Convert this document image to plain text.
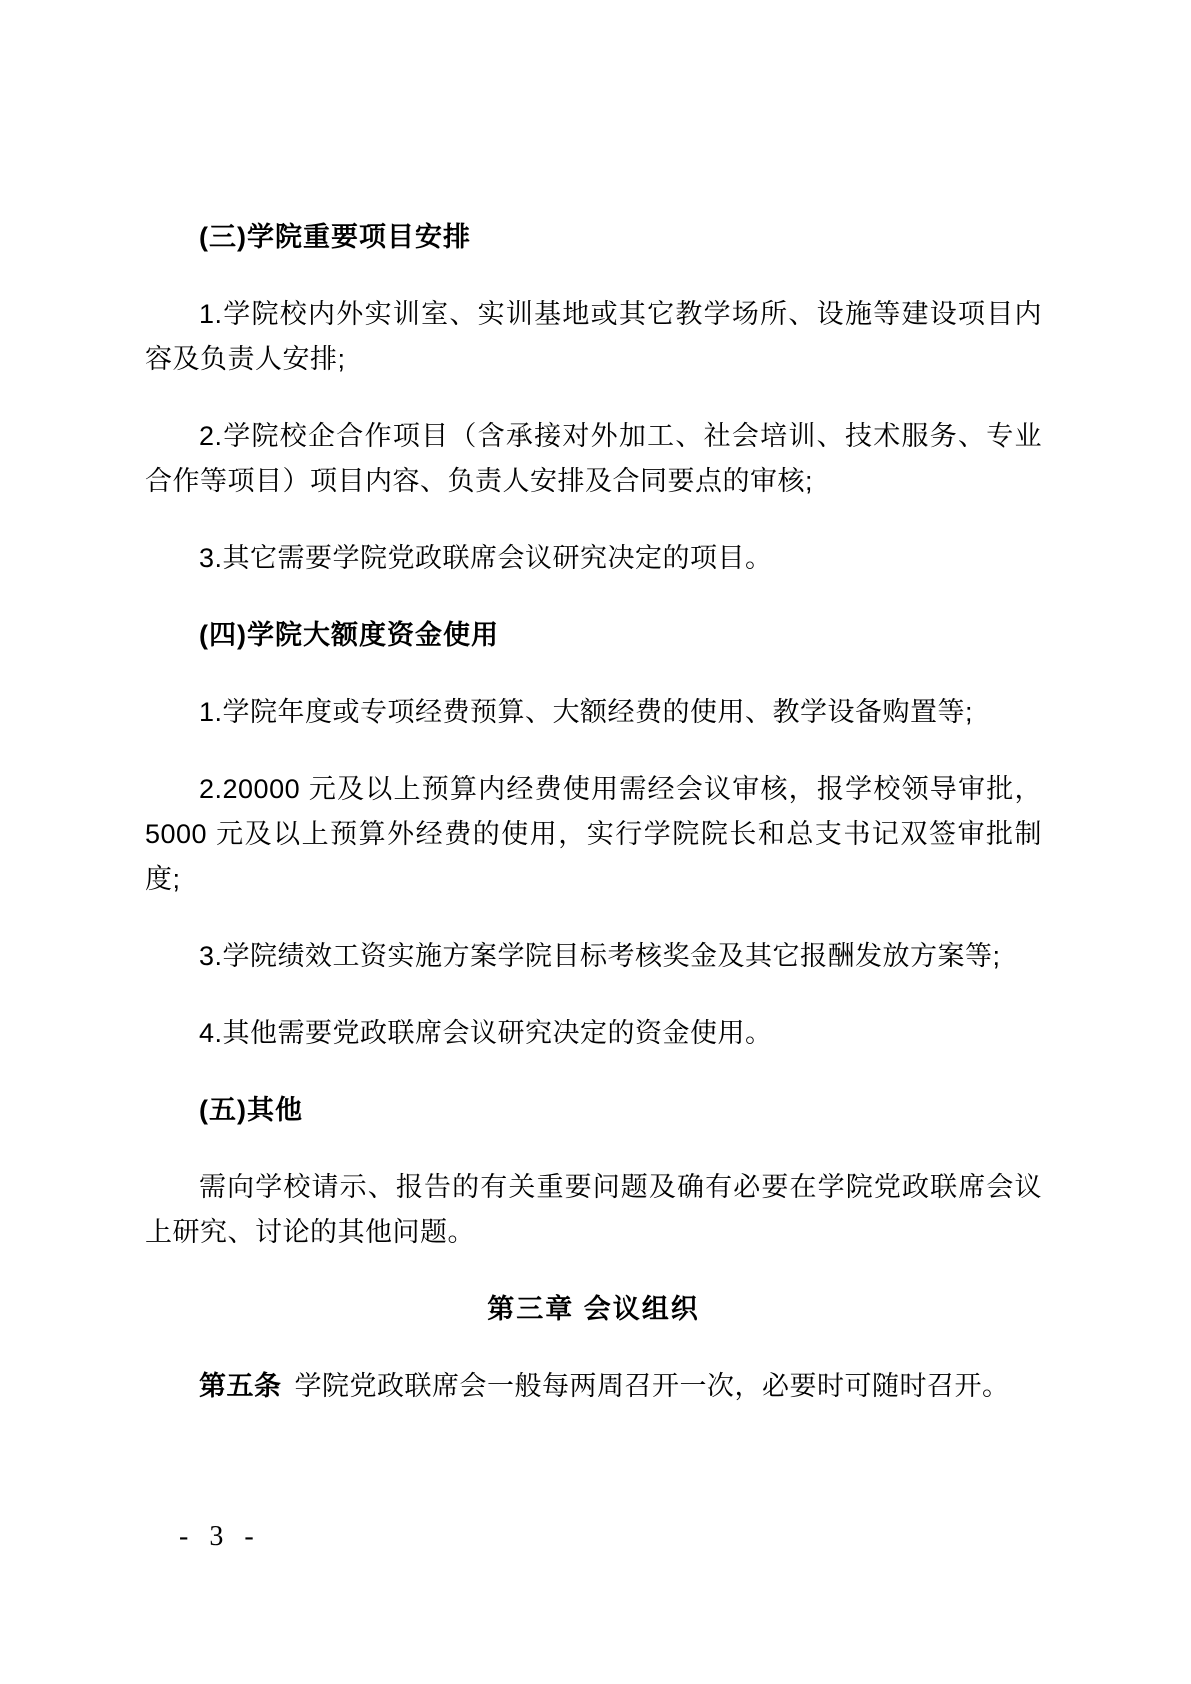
(三)学院重要项目安排

1.学院校内外实训室、实训基地或其它教学场所、设施等建设项目内容及负责人安排;

2.学院校企合作项目（含承接对外加工、社会培训、技术服务、专业合作等项目）项目内容、负责人安排及合同要点的审核;

3.其它需要学院党政联席会议研究决定的项目。

(四)学院大额度资金使用

1.学院年度或专项经费预算、大额经费的使用、教学设备购置等;

2.20000 元及以上预算内经费使用需经会议审核，报学校领导审批，5000 元及以上预算外经费的使用，实行学院院长和总支书记双签审批制度;

3.学院绩效工资实施方案学院目标考核奖金及其它报酬发放方案等;

4.其他需要党政联席会议研究决定的资金使用。

(五)其他

需向学校请示、报告的有关重要问题及确有必要在学院党政联席会议上研究、讨论的其他问题。

第三章 会议组织

第五条 学院党政联席会一般每两周召开一次，必要时可随时召开。

- 3 -
